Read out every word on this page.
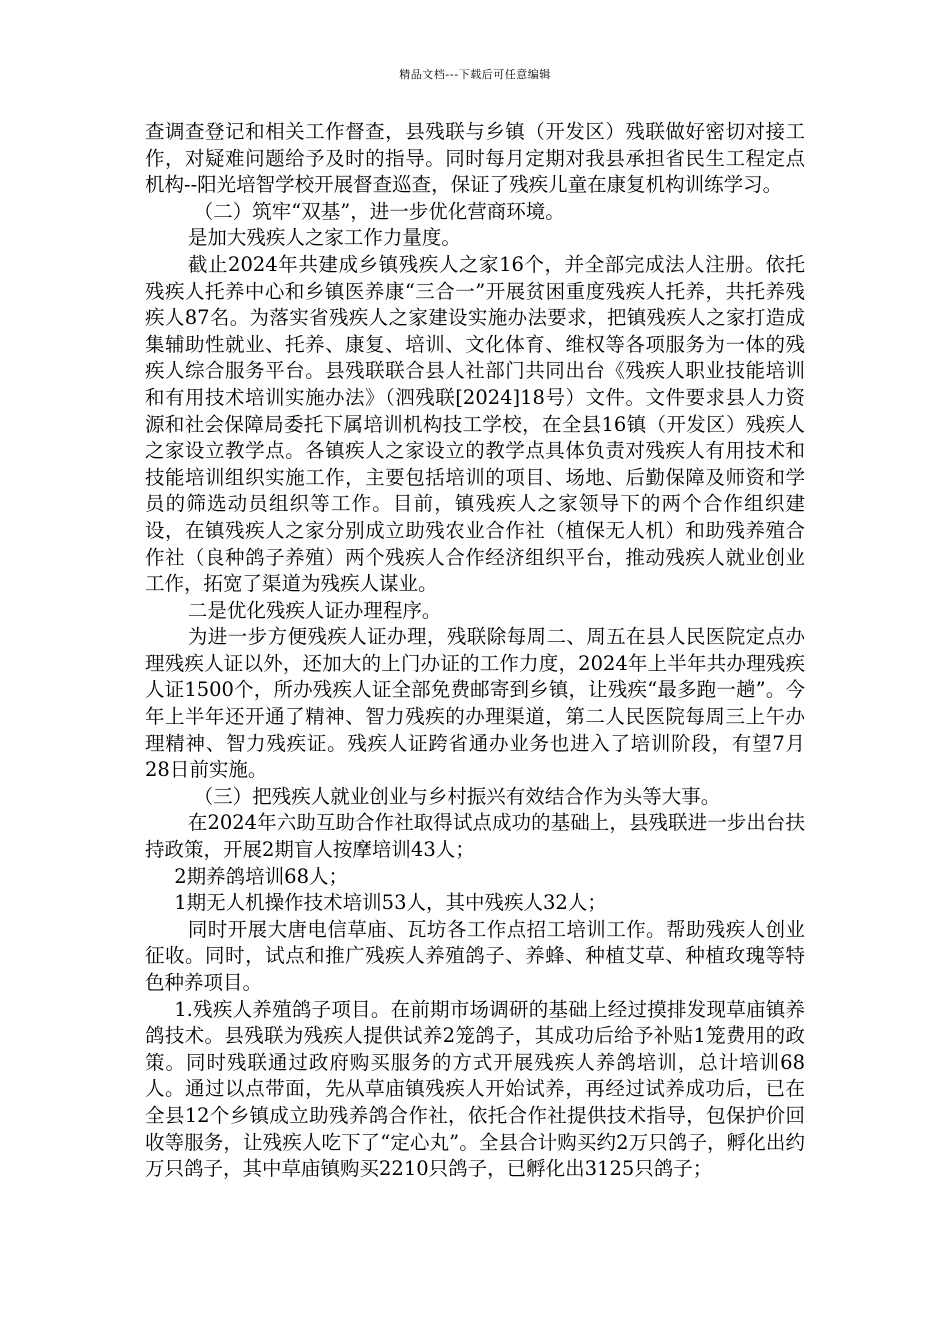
精品文档---下载后可任意编辑

查调查登记和相关工作督查，县残联与乡镇（开发区）残联做好密切对接工作，对疑难问题给予及时的指导。同时每月定期对我县承担省民生工程定点机构--阳光培智学校开展督查巡查，保证了残疾儿童在康复机构训练学习。

（二）筑牢“双基”，进一步优化营商环境。

是加大残疾人之家工作力量度。

截止2024年共建成乡镇残疾人之家16个，并全部完成法人注册。依托残疾人托养中心和乡镇医养康“三合一”开展贫困重度残疾人托养，共托养残疾人87名。为落实省残疾人之家建设实施办法要求，把镇残疾人之家打造成集辅助性就业、托养、康复、培训、文化体育、维权等各项服务为一体的残疾人综合服务平台。县残联联合县人社部门共同出台《残疾人职业技能培训和有用技术培训实施办法》（泗残联[2024]18号）文件。文件要求县人力资源和社会保障局委托下属培训机构技工学校，在全县16镇（开发区）残疾人之家设立教学点。各镇疾人之家设立的教学点具体负责对残疾人有用技术和技能培训组织实施工作，主要包括培训的项目、场地、后勤保障及师资和学员的筛选动员组织等工作。目前，镇残疾人之家领导下的两个合作组织建设，在镇残疾人之家分别成立助残农业合作社（植保无人机）和助残养殖合作社（良种鸽子养殖）两个残疾人合作经济组织平台，推动残疾人就业创业工作，拓宽了渠道为残疾人谋业。

二是优化残疾人证办理程序。

为进一步方便残疾人证办理，残联除每周二、周五在县人民医院定点办理残疾人证以外，还加大的上门办证的工作力度，2024年上半年共办理残疾人证1500个，所办残疾人证全部免费邮寄到乡镇，让残疾“最多跑一趟”。今年上半年还开通了精神、智力残疾的办理渠道，第二人民医院每周三上午办理精神、智力残疾证。残疾人证跨省通办业务也进入了培训阶段，有望7月28日前实施。

（三）把残疾人就业创业与乡村振兴有效结合作为头等大事。

在2024年六助互助合作社取得试点成功的基础上，县残联进一步出台扶持政策，开展2期盲人按摩培训43人；

2期养鸽培训68人；

1期无人机操作技术培训53人，其中残疾人32人；

同时开展大唐电信草庙、瓦坊各工作点招工培训工作。帮助残疾人创业征收。同时，试点和推广残疾人养殖鸽子、养蜂、种植艾草、种植玫瑰等特色种养项目。

1.残疾人养殖鸽子项目。在前期市场调研的基础上经过摸排发现草庙镇养鸽技术。县残联为残疾人提供试养2笼鸽子，其成功后给予补贴1笼费用的政策。同时残联通过政府购买服务的方式开展残疾人养鸽培训，总计培训68人。通过以点带面，先从草庙镇残疾人开始试养，再经过试养成功后，已在全县12个乡镇成立助残养鸽合作社，依托合作社提供技术指导，包保护价回收等服务，让残疾人吃下了“定心丸”。全县合计购买约2万只鸽子，孵化出约万只鸽子，其中草庙镇购买2210只鸽子，已孵化出3125只鸽子；
